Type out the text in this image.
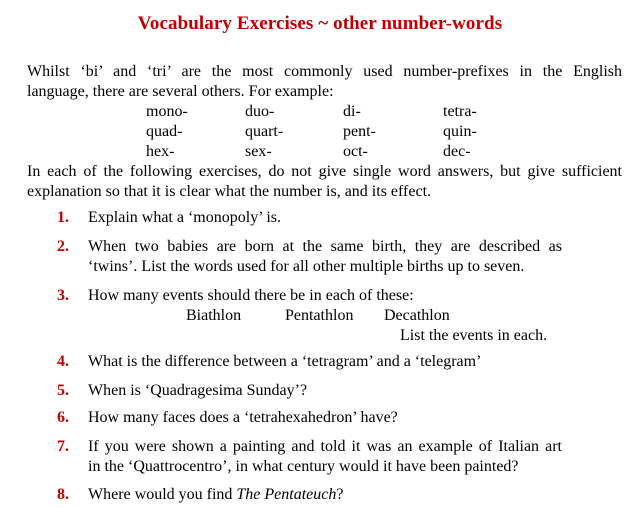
Vocabulary Exercises ~ other number-words
Whilst ‘bi’ and ‘tri’ are the most commonly used number-prefixes in the English
language, there are several others. For example:
mono-	duo-	di-	tetra-
quad-	quart-	pent-	quin-
hex-	sex-	oct-	dec-
In each of the following exercises, do not give single word answers, but give sufficient
explanation so that it is clear what the number is, and its effect.
1. Explain what a ‘monopoly’ is.
2. When two babies are born at the same birth, they are described as
‘twins’. List the words used for all other multiple births up to seven.
3. How many events should there be in each of these:
Biathlon	Pentathlon Decathlon
List the events in each.
4. What is the difference between a ‘tetragram’ and a ‘telegram’
5. When is ‘Quadragesima Sunday’?
6. How many faces does a ‘tetrahexahedron’ have?
7. If you were shown a painting and told it was an example of Italian art
in the ‘Quattrocentro’, in what century would it have been painted?
8. Where would you find The Pentateuch?
